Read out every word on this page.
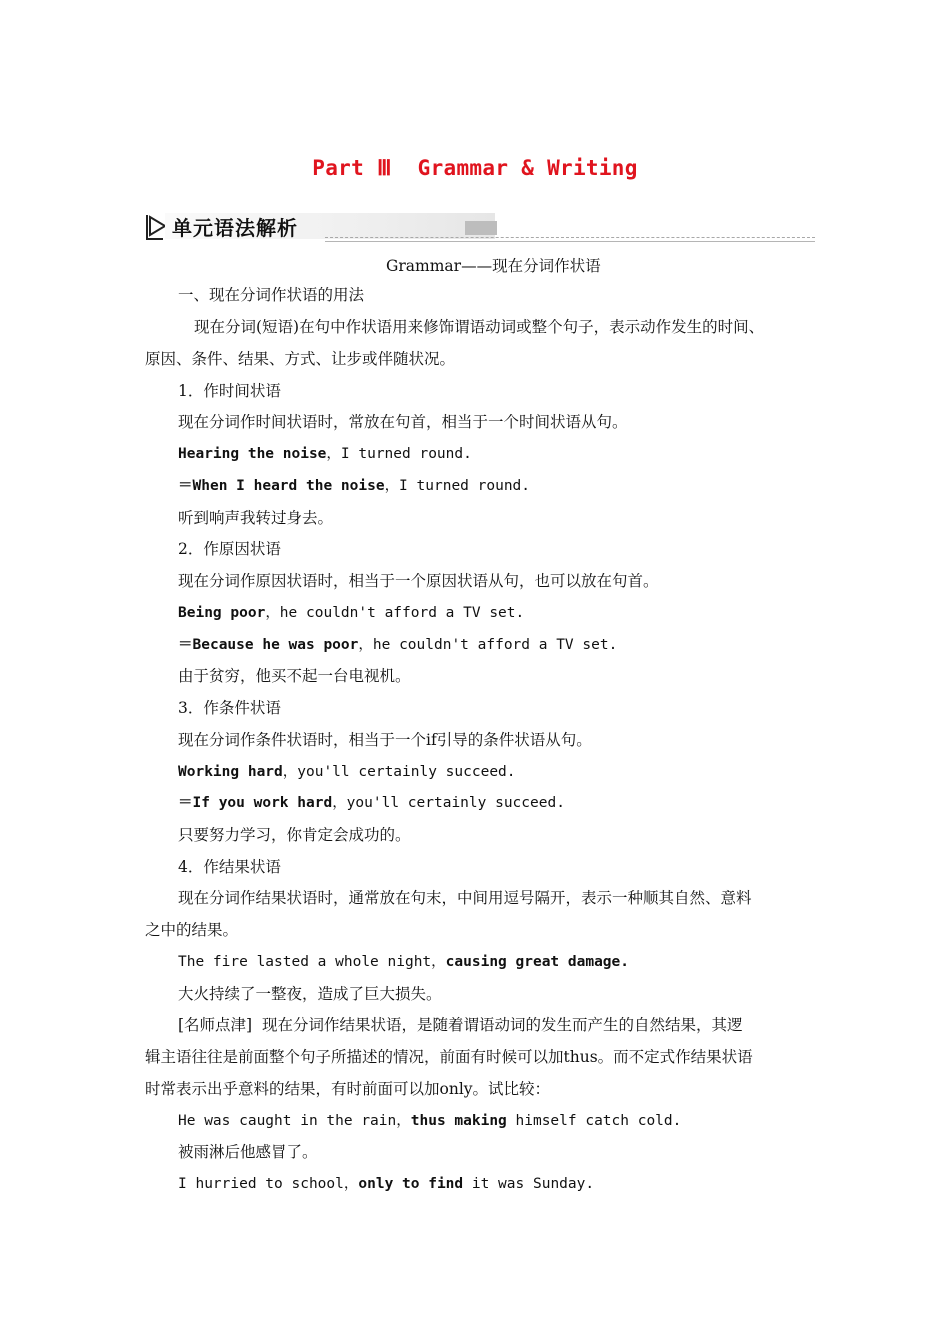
Part Ⅲ  Grammar & Writing
单元语法解析
Grammar——现在分词作状语
一、现在分词作状语的用法
现在分词(短语)在句中作状语用来修饰谓语动词或整个句子，表示动作发生的时间、
原因、条件、结果、方式、让步或伴随状况。
1．作时间状语
现在分词作时间状语时，常放在句首，相当于一个时间状语从句。
Hearing the noise，I turned round.
＝When I heard the noise，I turned round.
听到响声我转过身去。
2．作原因状语
现在分词作原因状语时，相当于一个原因状语从句，也可以放在句首。
Being poor，he couldn't afford a TV set.
＝Because he was poor，he couldn't afford a TV set.
由于贫穷，他买不起一台电视机。
3．作条件状语
现在分词作条件状语时，相当于一个if引导的条件状语从句。
Working hard，you'll certainly succeed.
＝If you work hard，you'll certainly succeed.
只要努力学习，你肯定会成功的。
4．作结果状语
现在分词作结果状语时，通常放在句末，中间用逗号隔开，表示一种顺其自然、意料
之中的结果。
The fire lasted a whole night，causing great damage.
大火持续了一整夜，造成了巨大损失。
[名师点津]  现在分词作结果状语，是随着谓语动词的发生而产生的自然结果，其逻
辑主语往往是前面整个句子所描述的情况，前面有时候可以加thus。而不定式作结果状语
时常表示出乎意料的结果，有时前面可以加only。试比较：
He was caught in the rain，thus making himself catch cold.
被雨淋后他感冒了。
I hurried to school，only to find it was Sunday.
